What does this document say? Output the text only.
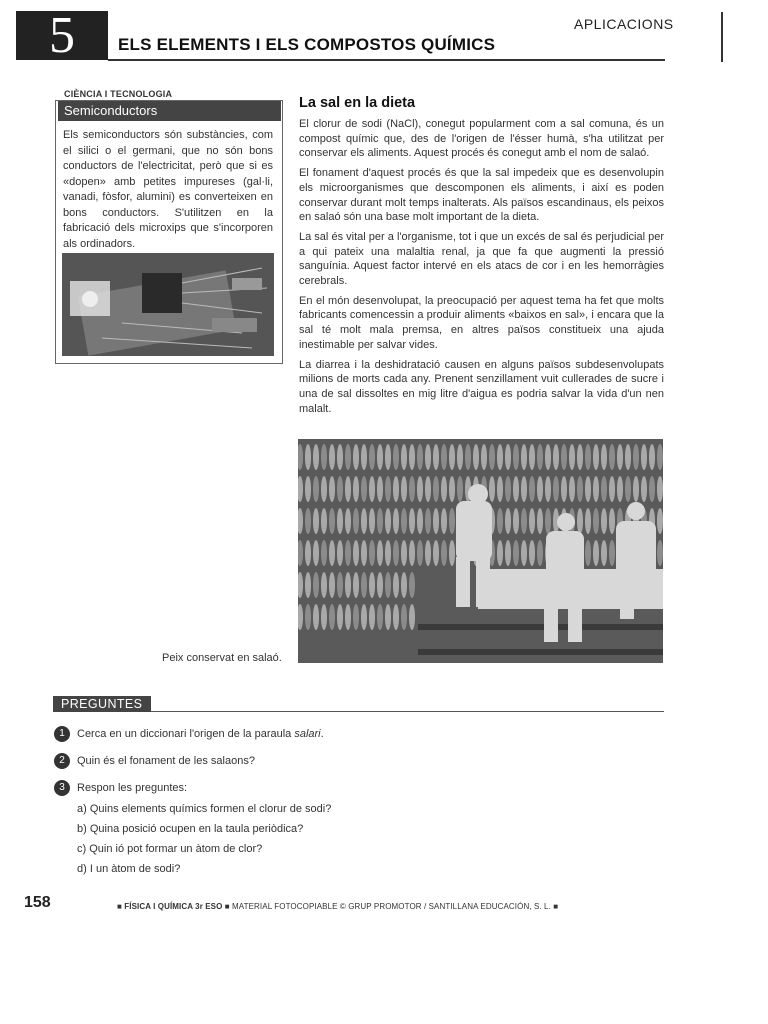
5	ELS ELEMENTS I ELS COMPOSTOS QUÍMICS
APLICACIONS
CIÈNCIA I TECNOLOGIA
Semiconductors
Els semiconductors són substàncies, com el silici o el germani, que no són bons conductors de l'electricitat, però que si es «dopen» amb petites impureses (gal·li, vanadi, fòsfor, alumini) es converteixen en bons conductors. S'utilitzen en la fabricació dels microxips que s'incorporen als ordinadors.
La sal en la dieta

El clorur de sodi (NaCl), conegut popularment com a sal comuna, és un compost químic que, des de l'origen de l'ésser humà, s'ha utilitzat per conservar els aliments. Aquest procés és conegut amb el nom de salaó.

El fonament d'aquest procés és que la sal impedeix que es desenvolupin els microorganismes que descomponen els aliments, i així es poden conservar durant molt temps inalterats. Als països escandinaus, els peixos en salaó són una base molt important de la dieta.

La sal és vital per a l'organisme, tot i que un excés de sal és perjudicial per a qui pateix una malaltia renal, ja que fa que augmenti la pressió sanguínia. Aquest factor intervé en els atacs de cor i en les hemorràgies cerebrals.

En el món desenvolupat, la preocupació per aquest tema ha fet que molts fabricants comencessin a produir aliments «baixos en sal», i encara que la sal té molt mala premsa, en altres països constitueix una ajuda inestimable per salvar vides.

La diarrea i la deshidratació causen en alguns països subdesenvolupats milions de morts cada any. Prenent senzillament vuit cullerades de sucre i una de sal dissoltes en mig litre d'aigua es podria salvar la vida d'un nen malalt.

Peix conservat en salaó.
PREGUNTES
1	Cerca en un diccionari l'origen de la paraula salari.
2	Quin és el fonament de les salaons?
3	Respon les preguntes:
a) Quins elements químics formen el clorur de sodi?
b) Quina posició ocupen en la taula periòdica?
c) Quin ió pot formar un àtom de clor?
d) I un àtom de sodi?
158	■ FÍSICA I QUÍMICA 3r ESO ■ MATERIAL FOTOCOPIABLE © GRUP PROMOTOR / SANTILLANA EDUCACIÓN, S. L. ■
